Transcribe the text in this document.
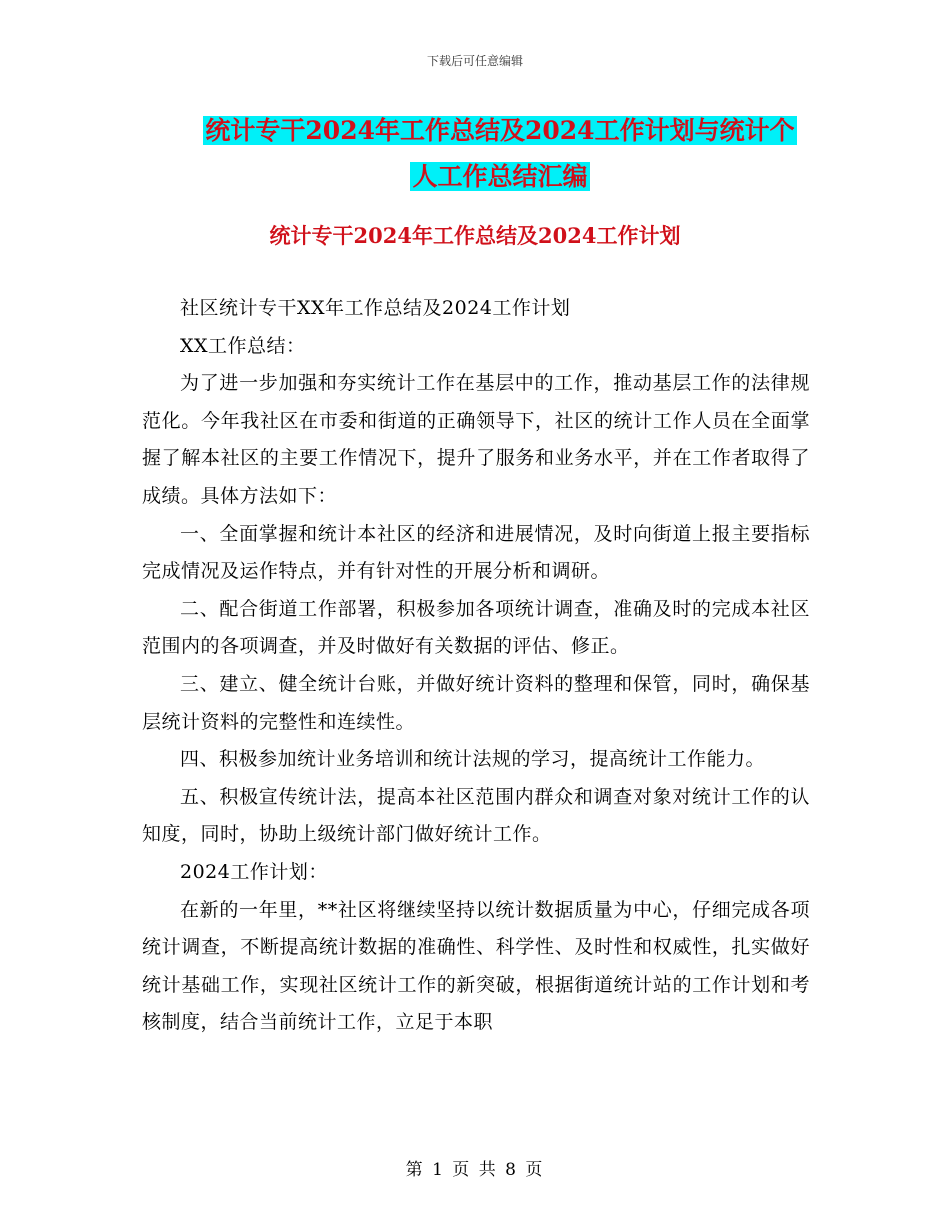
下载后可任意编辑
统计专干2024年工作总结及2024工作计划与统计个
人工作总结汇编
统计专干2024年工作总结及2024工作计划

社区统计专干XX年工作总结及2024工作计划

XX工作总结：

为了进一步加强和夯实统计工作在基层中的工作，推动基层工作的法律规范化。今年我社区在市委和街道的正确领导下，社区的统计工作人员在全面掌握了解本社区的主要工作情况下，提升了服务和业务水平，并在工作者取得了成绩。具体方法如下：

一、全面掌握和统计本社区的经济和进展情况，及时向街道上报主要指标完成情况及运作特点，并有针对性的开展分析和调研。

二、配合街道工作部署，积极参加各项统计调查，准确及时的完成本社区范围内的各项调查，并及时做好有关数据的评估、修正。

三、建立、健全统计台账，并做好统计资料的整理和保管，同时，确保基层统计资料的完整性和连续性。

四、积极参加统计业务培训和统计法规的学习，提高统计工作能力。

五、积极宣传统计法，提高本社区范围内群众和调查对象对统计工作的认知度，同时，协助上级统计部门做好统计工作。

2024工作计划：

在新的一年里，**社区将继续坚持以统计数据质量为中心，仔细完成各项统计调查，不断提高统计数据的准确性、科学性、及时性和权威性，扎实做好统计基础工作，实现社区统计工作的新突破，根据街道统计站的工作计划和考核制度，结合当前统计工作，立足于本职

第 1 页 共 8 页
